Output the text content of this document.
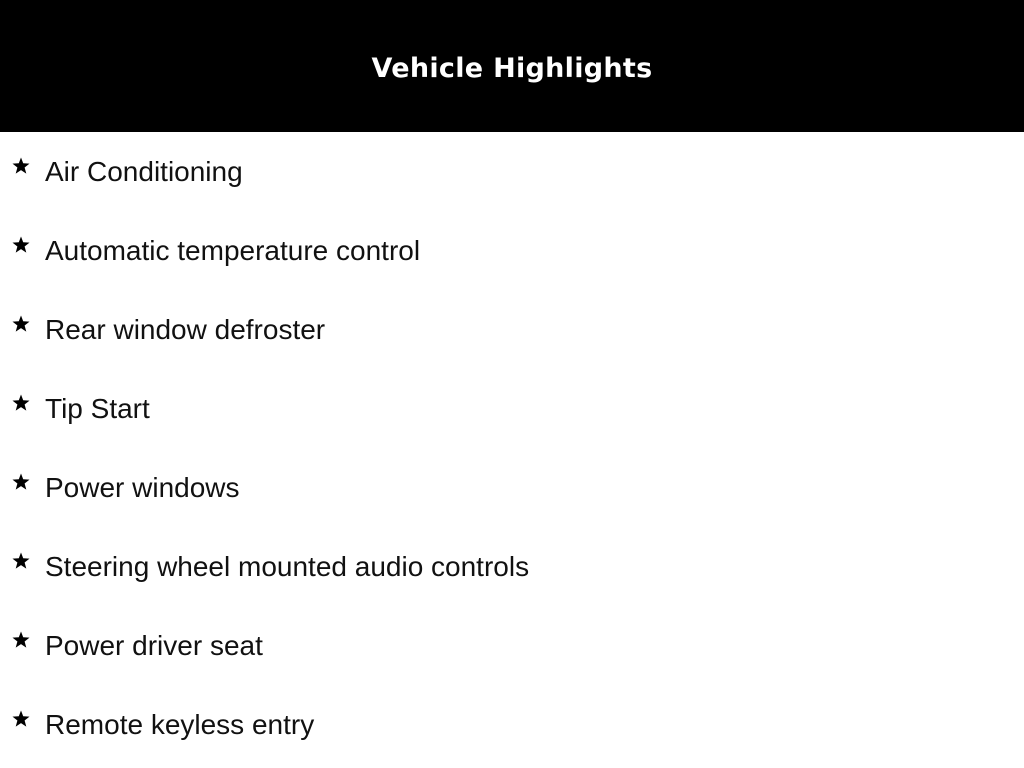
Vehicle Highlights
Air Conditioning
Automatic temperature control
Rear window defroster
Tip Start
Power windows
Steering wheel mounted audio controls
Power driver seat
Remote keyless entry
